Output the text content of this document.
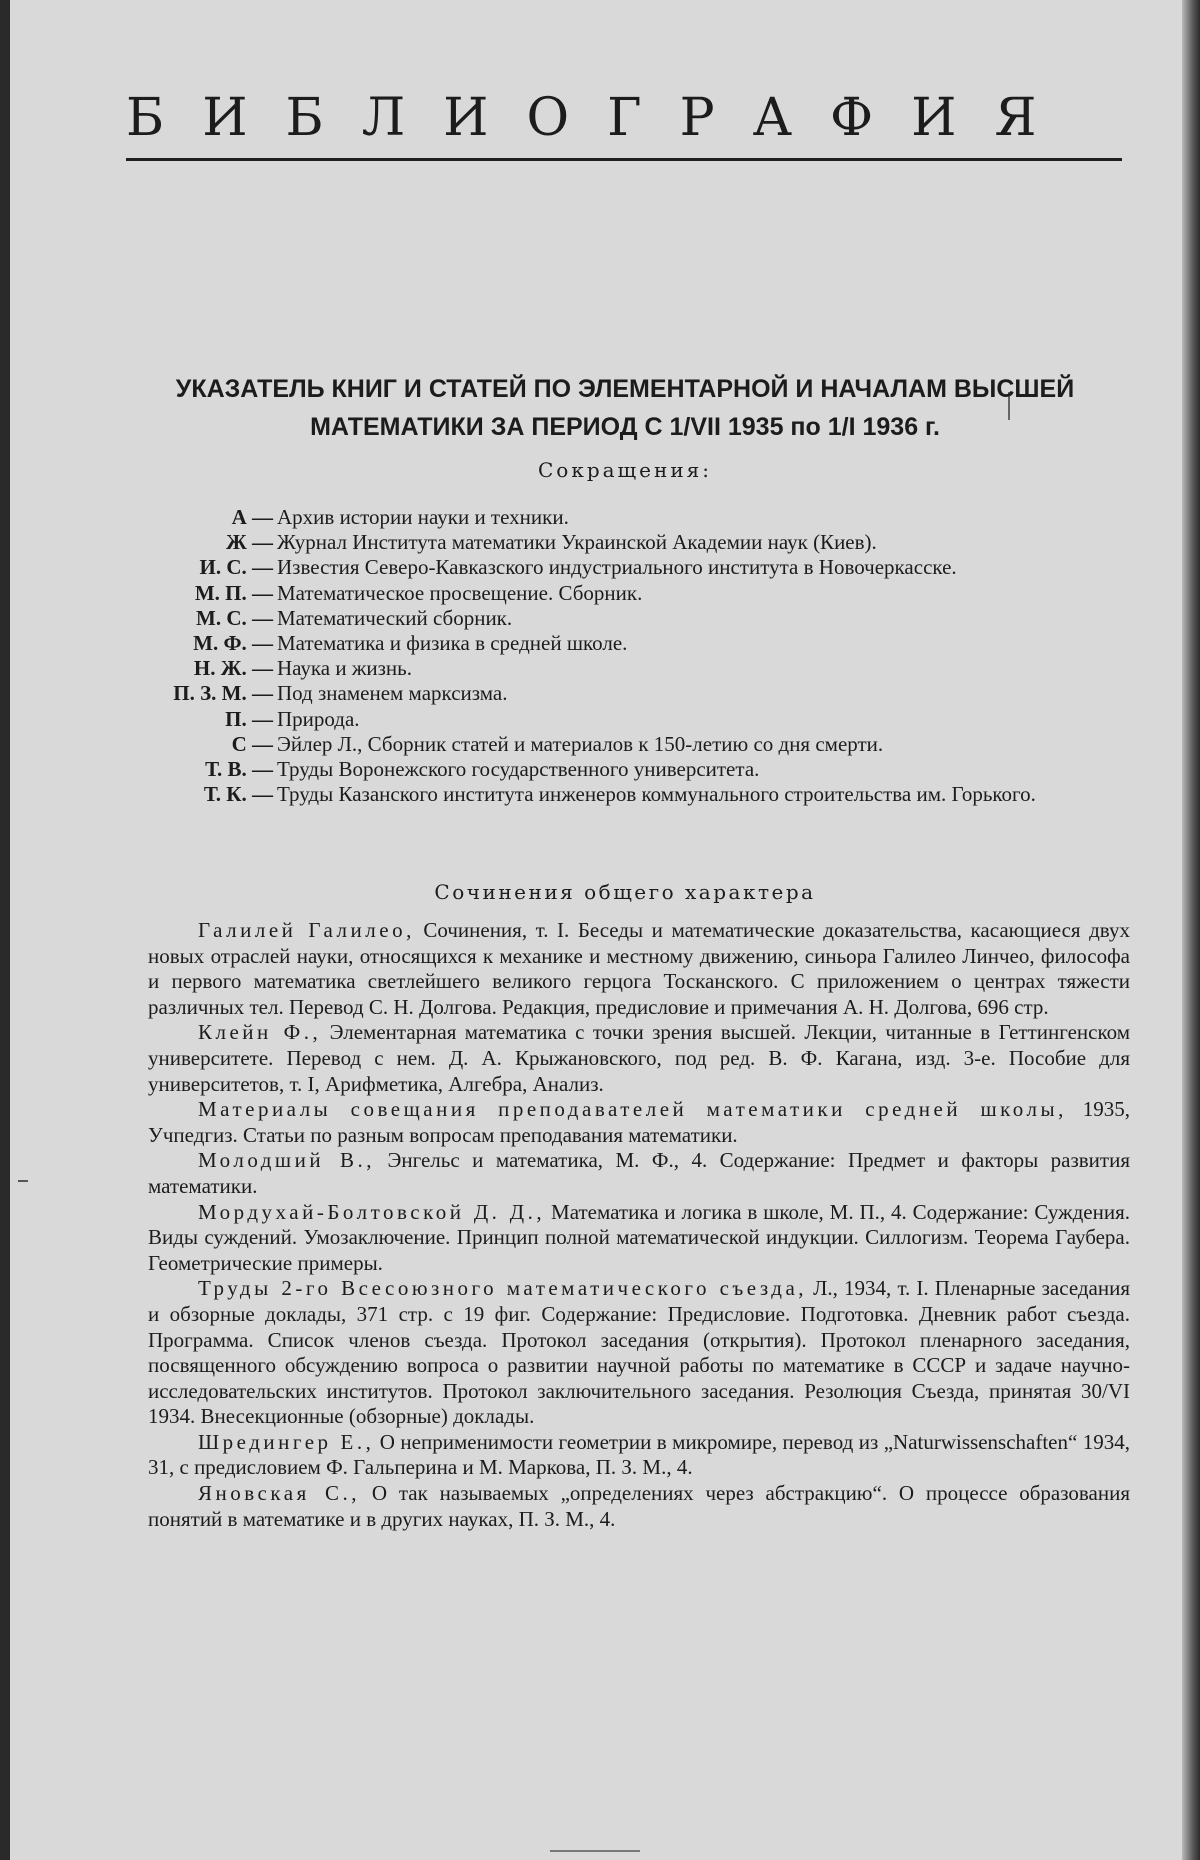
БИБЛИОГРАФИЯ
УКАЗАТЕЛЬ КНИГ И СТАТЕЙ ПО ЭЛЕМЕНТАРНОЙ И НАЧАЛАМ ВЫСШЕЙ
МАТЕМАТИКИ ЗА ПЕРИОД С 1/VII 1935 по 1/I 1936 г.
Сокращения:
А — Архив истории науки и техники.
Ж — Журнал Института математики Украинской Академии наук (Киев).
И. С. — Известия Северо-Кавказского индустриального института в Новочеркасске.
М. П. — Математическое просвещение. Сборник.
М. С. — Математический сборник.
М. Ф. — Математика и физика в средней школе.
Н. Ж. — Наука и жизнь.
П. З. М. — Под знаменем марксизма.
П. — Природа.
С — Эйлер Л., Сборник статей и материалов к 150-летию со дня смерти.
Т. В. — Труды Воронежского государственного университета.
Т. К. — Труды Казанского института инженеров коммунального строительства им. Горького.
Сочинения общего характера

Галилей Галилео, Сочинения, т. I. Беседы и математические доказательства, касающиеся двух новых отраслей науки, относящихся к механике и местному движению, синьора Галилео Линчео, философа и первого математика светлейшего великого герцога Тосканского. С приложением о центрах тяжести различных тел. Перевод С. Н. Долгова. Редакция, предисловие и примечания А. Н. Долгова, 696 стр.

Клейн Ф., Элементарная математика с точки зрения высшей. Лекции, читанные в Геттингенском университете. Перевод с нем. Д. А. Крыжановского, под ред. В. Ф. Кагана, изд. 3-е. Пособие для университетов, т. I, Арифметика, Алгебра, Анализ.

Материалы совещания преподавателей математики средней школы, 1935, Учпедгиз. Статьи по разным вопросам преподавания математики.

Молодший В., Энгельс и математика, М. Ф., 4. Содержание: Предмет и факторы развития математики.

Мордухай-Болтовской Д. Д., Математика и логика в школе, М. П., 4. Содержание: Суждения. Виды суждений. Умозаключение. Принцип полной математической индукции. Силлогизм. Теорема Гаубера. Геометрические примеры.

Труды 2-го Всесоюзного математического съезда, Л., 1934, т. I. Пленарные заседания и обзорные доклады, 371 стр. с 19 фиг. Содержание: Предисловие. Подготовка. Дневник работ съезда. Программа. Список членов съезда. Протокол заседания (открытия). Протокол пленарного заседания, посвященного обсуждению вопроса о развитии научной работы по математике в СССР и задаче научно-исследовательских институтов. Протокол заключительного заседания. Резолюция Съезда, принятая 30/VI 1934. Внесекционные (обзорные) доклады.

Шредингер Е., О неприменимости геометрии в микромире, перевод из „Naturwissenschaften“ 1934, 31, с предисловием Ф. Гальперина и М. Маркова, П. З. М., 4.

Яновская С., О так называемых „определениях через абстракцию“. О процессе образования понятий в математике и в других науках, П. З. М., 4.
